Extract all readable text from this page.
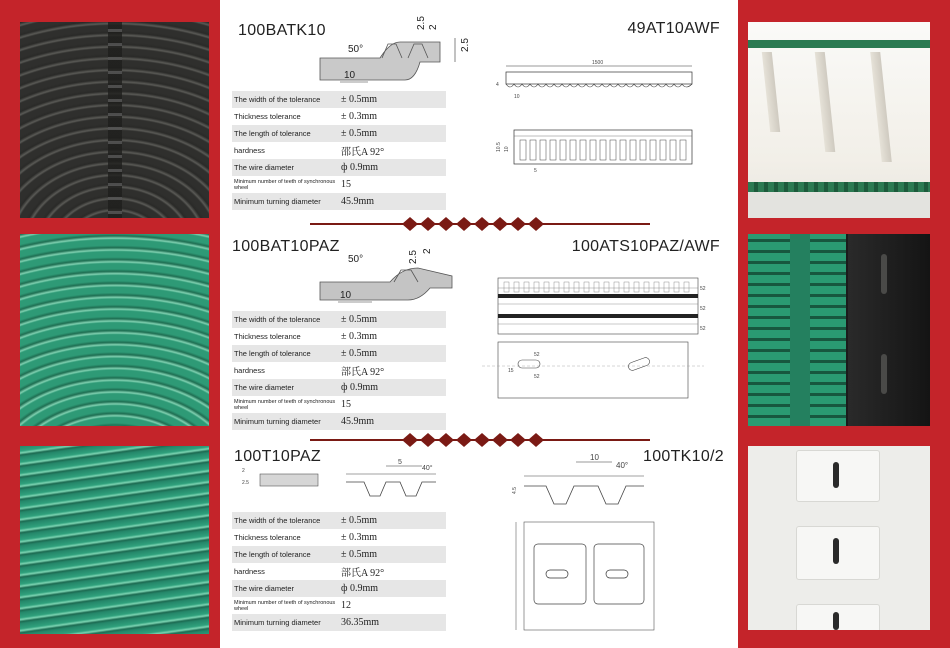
100BATK10	49AT10AWF
50°
10
2.5 2
2.5
The width of the tolerance	± 0.5mm
Thickness tolerance	± 0.3mm
The length of tolerance	± 0.5mm
hardness	邵氏A 92°
The wire diameter	ф 0.9mm
Minimum number of teeth of synchronous wheel	15
Minimum turning diameter	45.9mm
1500
4
10
10.5 10
5
100BAT10PAZ	100ATS10PAZ/AWF
50°
10
2.5 2
The width of the tolerance	± 0.5mm
Thickness tolerance	± 0.3mm
The length of tolerance	± 0.5mm
hardness	部氏A 92°
The wire diameter	ф 0.9mm
Minimum number of teeth of synchronous wheel	15
Minimum turning diameter	45.9mm
52
52
15
52
52
52
100T10PAZ	100TK10/2
2
2.5
5
40°
The width of the tolerance	± 0.5mm
Thickness tolerance	± 0.3mm
The length of tolerance	± 0.5mm
hardness	部氏A 92°
The wire diameter	ф 0.9mm
Minimum number of teeth of synchronous wheel	12
Minimum turning diameter	36.35mm
10
40°
4.5
